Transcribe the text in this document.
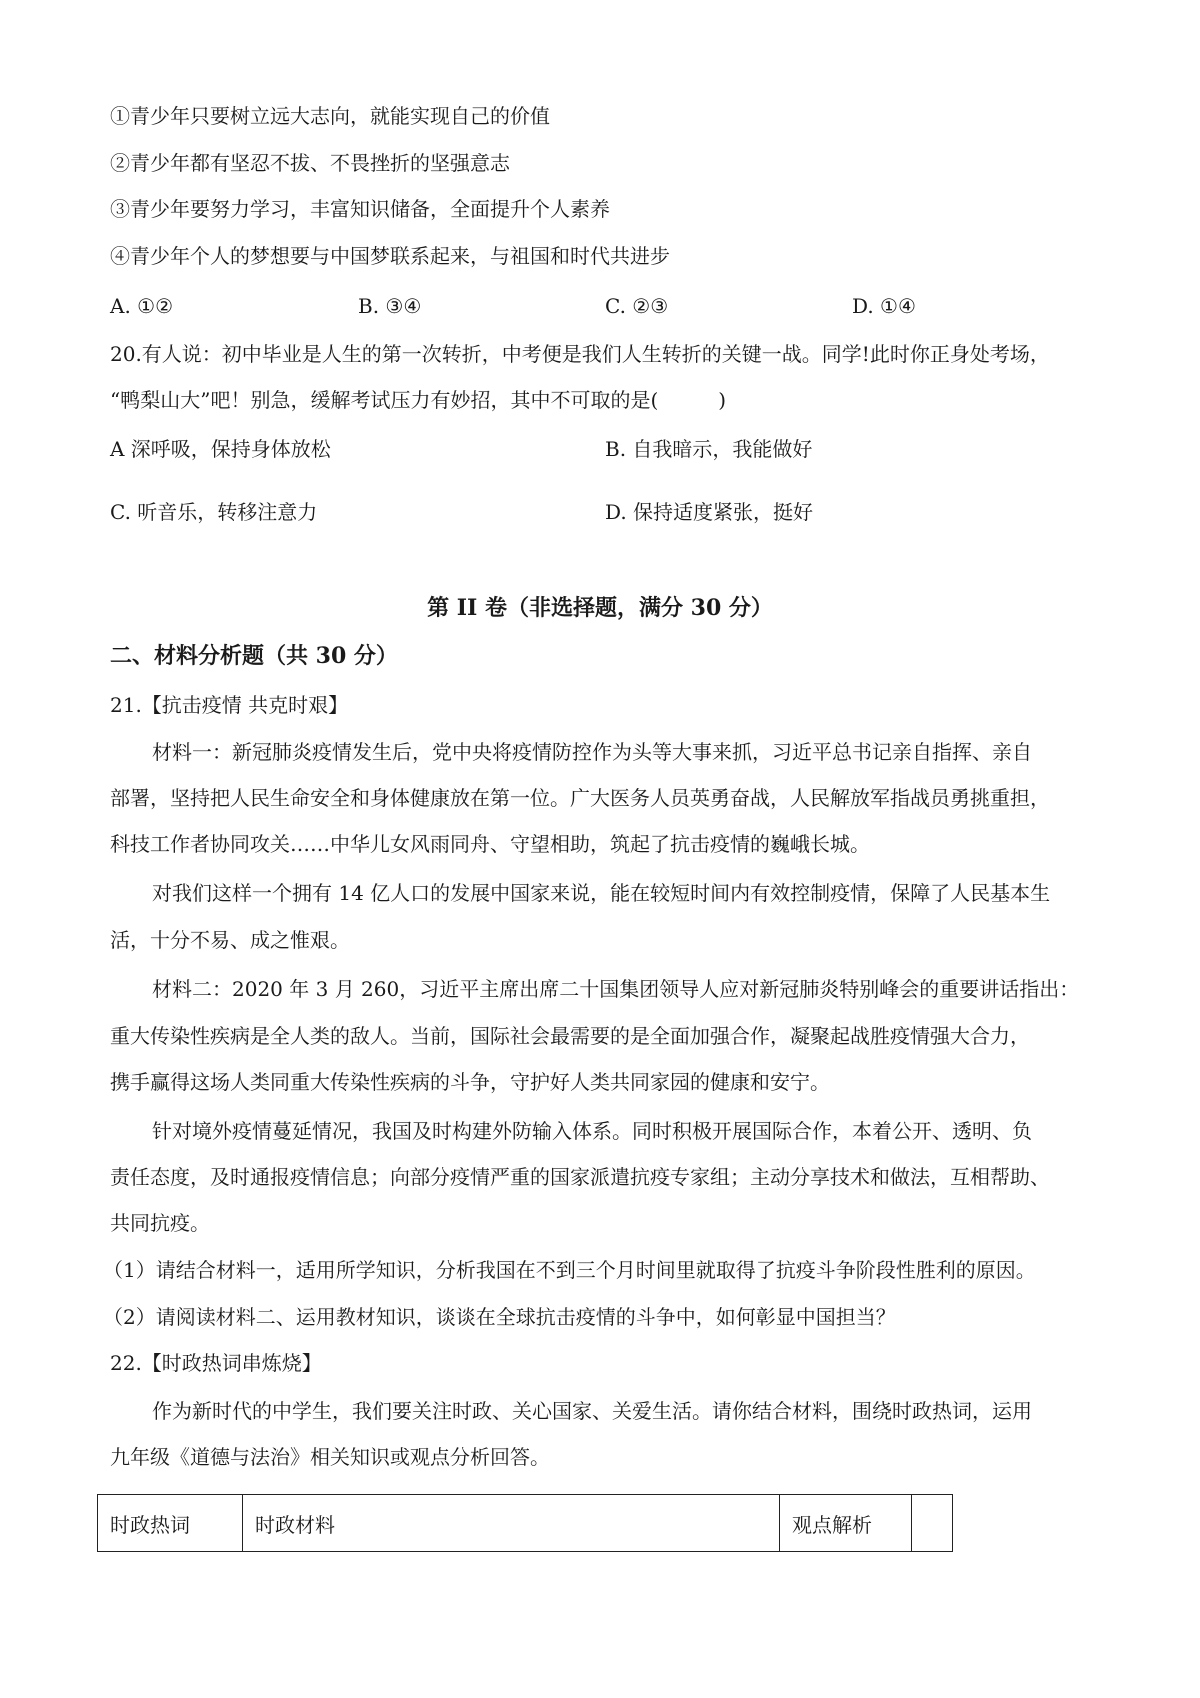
①青少年只要树立远大志向，就能实现自己的价值
②青少年都有坚忍不拔、不畏挫折的坚强意志
③青少年要努力学习，丰富知识储备，全面提升个人素养
④青少年个人的梦想要与中国梦联系起来，与祖国和时代共进步
A. ①②	B. ③④	C. ②③	D. ①④
20.有人说：初中毕业是人生的第一次转折，中考便是我们人生转折的关键一战。同学!此时你正身处考场，
“鸭梨山大”吧！别急，缓解考试压力有妙招，其中不可取的是(	)
A 深呼吸，保持身体放松	B. 自我暗示，我能做好
C. 听音乐，转移注意力	D. 保持适度紧张，挺好
第 II 卷（非选择题，满分 30 分）
二、材料分析题（共 30 分）
21.【抗击疫情 共克时艰】
材料一：新冠肺炎疫情发生后，党中央将疫情防控作为头等大事来抓，习近平总书记亲自指挥、亲自
部署，坚持把人民生命安全和身体健康放在第一位。广大医务人员英勇奋战，人民解放军指战员勇挑重担，
科技工作者协同攻关……中华儿女风雨同舟、守望相助，筑起了抗击疫情的巍峨长城。
对我们这样一个拥有 14 亿人口的发展中国家来说，能在较短时间内有效控制疫情，保障了人民基本生
活，十分不易、成之惟艰。
材料二：2020 年 3 月 260，习近平主席出席二十国集团领导人应对新冠肺炎特别峰会的重要讲话指出：
重大传染性疾病是全人类的敌人。当前，国际社会最需要的是全面加强合作，凝聚起战胜疫情强大合力，
携手赢得这场人类同重大传染性疾病的斗争，守护好人类共同家园的健康和安宁。
针对境外疫情蔓延情况，我国及时构建外防输入体系。同时积极开展国际合作，本着公开、透明、负
责任态度，及时通报疫情信息；向部分疫情严重的国家派遣抗疫专家组；主动分享技术和做法，互相帮助、
共同抗疫。
（1）请结合材料一，适用所学知识，分析我国在不到三个月时间里就取得了抗疫斗争阶段性胜利的原因。
（2）请阅读材料二、运用教材知识，谈谈在全球抗击疫情的斗争中，如何彰显中国担当？
22.【时政热词串炼烧】
作为新时代的中学生，我们要关注时政、关心国家、关爱生活。请你结合材料，围绕时政热词，运用
九年级《道德与法治》相关知识或观点分析回答。
时政热词	时政材料	观点解析
